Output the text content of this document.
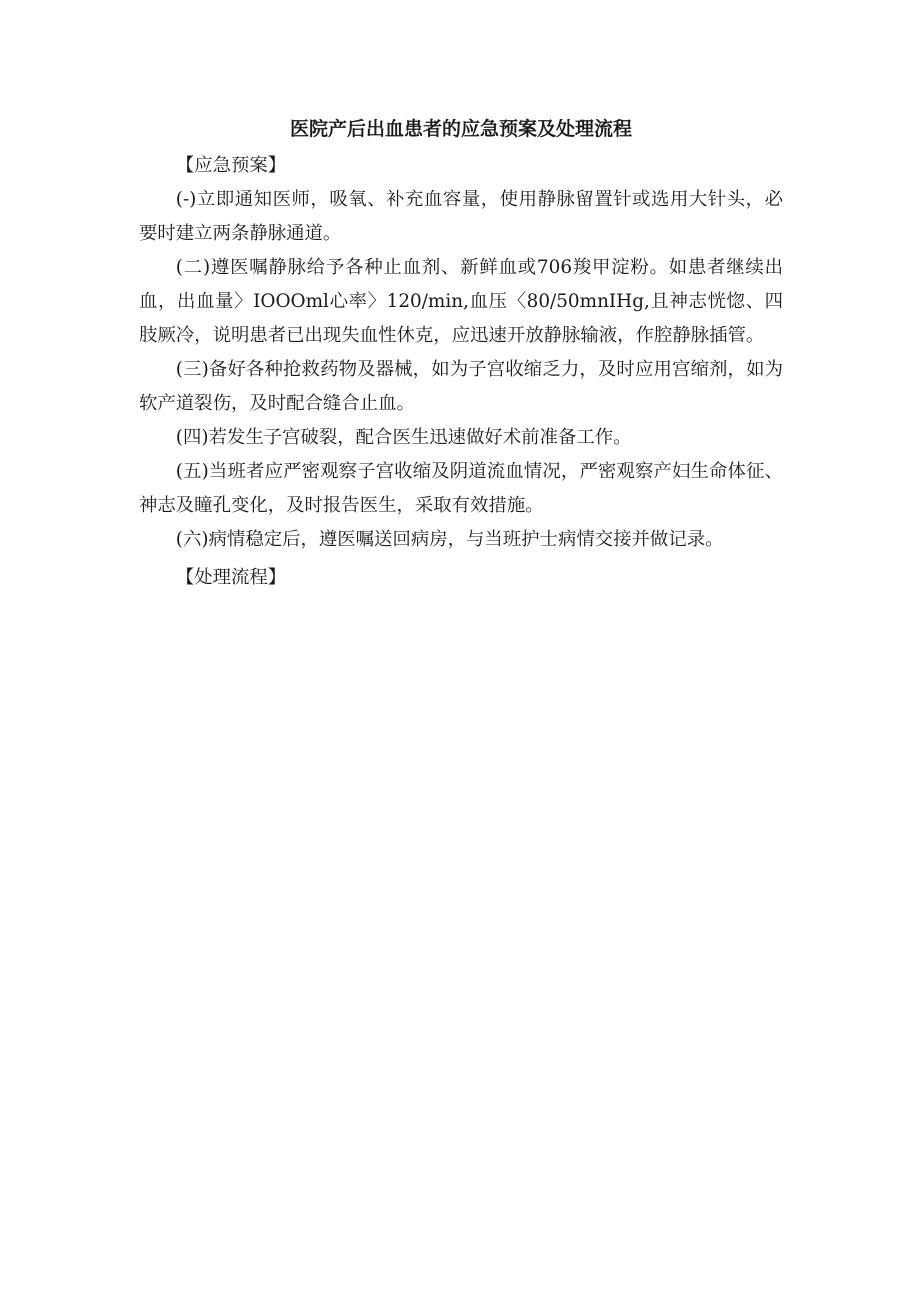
医院产后出血患者的应急预案及处理流程

【应急预案】

(-)立即通知医师，吸氧、补充血容量，使用静脉留置针或选用大针头，必要时建立两条静脉通道。

(二)遵医嘱静脉给予各种止血剂、新鲜血或706羧甲淀粉。如患者继续出血，出血量〉IOOOml心率〉120/min,血压〈80/50mnIHg,且神志恍惚、四肢厥冷，说明患者已出现失血性休克，应迅速开放静脉输液，作腔静脉插管。

(三)备好各种抢救药物及器械，如为子宫收缩乏力，及时应用宫缩剂，如为软产道裂伤，及时配合缝合止血。

(四)若发生子宫破裂，配合医生迅速做好术前准备工作。

(五)当班者应严密观察子宫收缩及阴道流血情况，严密观察产妇生命体征、神志及瞳孔变化，及时报告医生，采取有效措施。

(六)病情稳定后，遵医嘱送回病房，与当班护士病情交接并做记录。

【处理流程】
